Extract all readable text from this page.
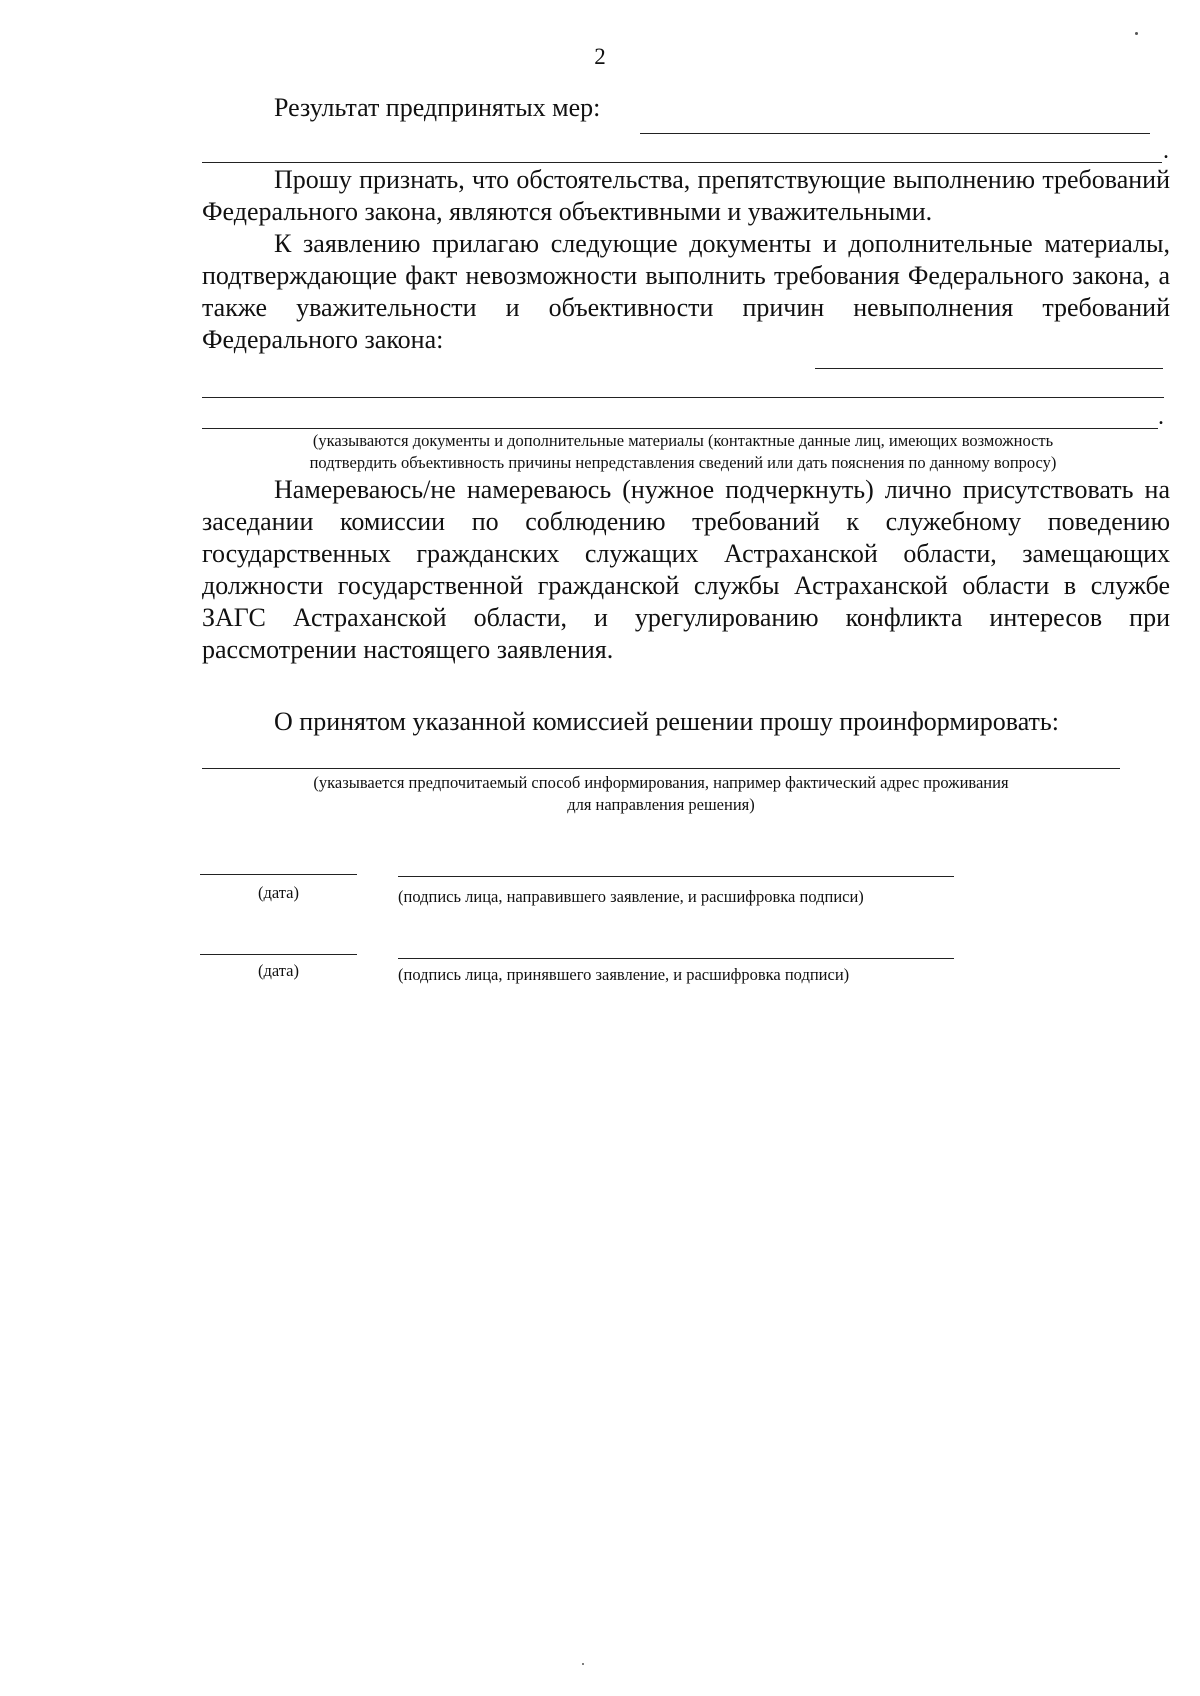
2

Результат предпринятых мер:

.

Прошу признать, что обстоятельства, препятствующие выполнению требований Федерального закона, являются объективными и уважительными.

К заявлению прилагаю следующие документы и дополнительные материалы, подтверждающие факт невозможности выполнить требования Федерального закона, а также уважительности и объективности причин невыполнения требований Федерального закона:

.
(указываются документы и дополнительные материалы (контактные данные лиц, имеющих возможность
подтвердить объективность причины непредставления сведений или дать пояснения по данному вопросу)

Намереваюсь/не намереваюсь (нужное подчеркнуть) лично присутствовать на заседании комиссии по соблюдению требований к служебному поведению государственных гражданских служащих Астраханской области, замещающих должности государственной гражданской службы Астраханской области в службе ЗАГС Астраханской области, и урегулированию конфликта интересов при рассмотрении настоящего заявления.

О принятом указанной комиссией решении прошу проинформировать:

(указывается предпочитаемый способ информирования, например фактический адрес проживания
для направления решения)
(дата)	(подпись лица, направившего заявление, и расшифровка подписи)
(дата)	(подпись лица, принявшего заявление, и расшифровка подписи)
